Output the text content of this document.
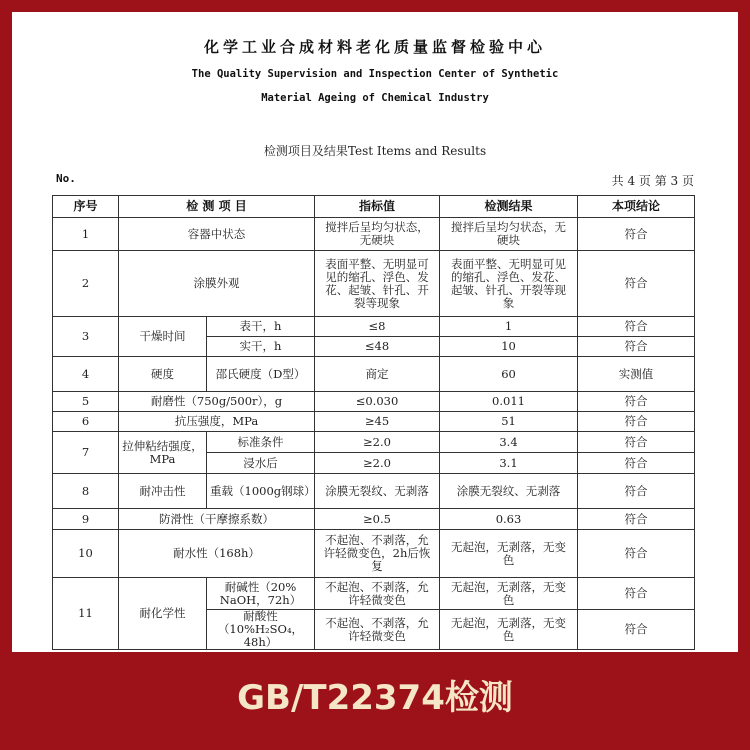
化学工业合成材料老化质量监督检验中心
The Quality Supervision and Inspection Center of Synthetic
Material Ageing of Chemical Industry
检测项目及结果Test Items and Results
No.	共 4 页 第 3 页
序号	检 测 项 目		指标值	检测结果	本项结论
1	容器中状态		搅拌后呈均匀状态，无硬块	搅拌后呈均匀状态，无硬块	符合
2	涂膜外观		表面平整、无明显可见的缩孔、浮色、发花、起皱、针孔、开裂等现象	表面平整、无明显可见的缩孔、浮色、发花、起皱、针孔、开裂等现象	符合
3	干燥时间	表干，h	≤8	1	符合
		实干，h	≤48	10	符合
4	硬度	邵氏硬度（D型）	商定	60	实测值
5	耐磨性（750g/500r），g		≤0.030	0.011	符合
6	抗压强度，MPa		≥45	51	符合
7	拉伸粘结强度，MPa	标准条件	≥2.0	3.4	符合
		浸水后	≥2.0	3.1	符合
8	耐冲击性	重载（1000g钢球）	涂膜无裂纹、无剥落	涂膜无裂纹、无剥落	符合
9	防滑性（干摩擦系数）		≥0.5	0.63	符合
10	耐水性（168h）		不起泡、不剥落，允许轻微变色，2h后恢复	无起泡，无剥落，无变色	符合
11	耐化学性	耐碱性（20% NaOH，72h）	不起泡、不剥落，允许轻微变色	无起泡，无剥落，无变色	符合
		耐酸性（10%H₂SO₄，48h）	不起泡、不剥落，允许轻微变色	无起泡，无剥落，无变色	符合
GB/T22374检测
